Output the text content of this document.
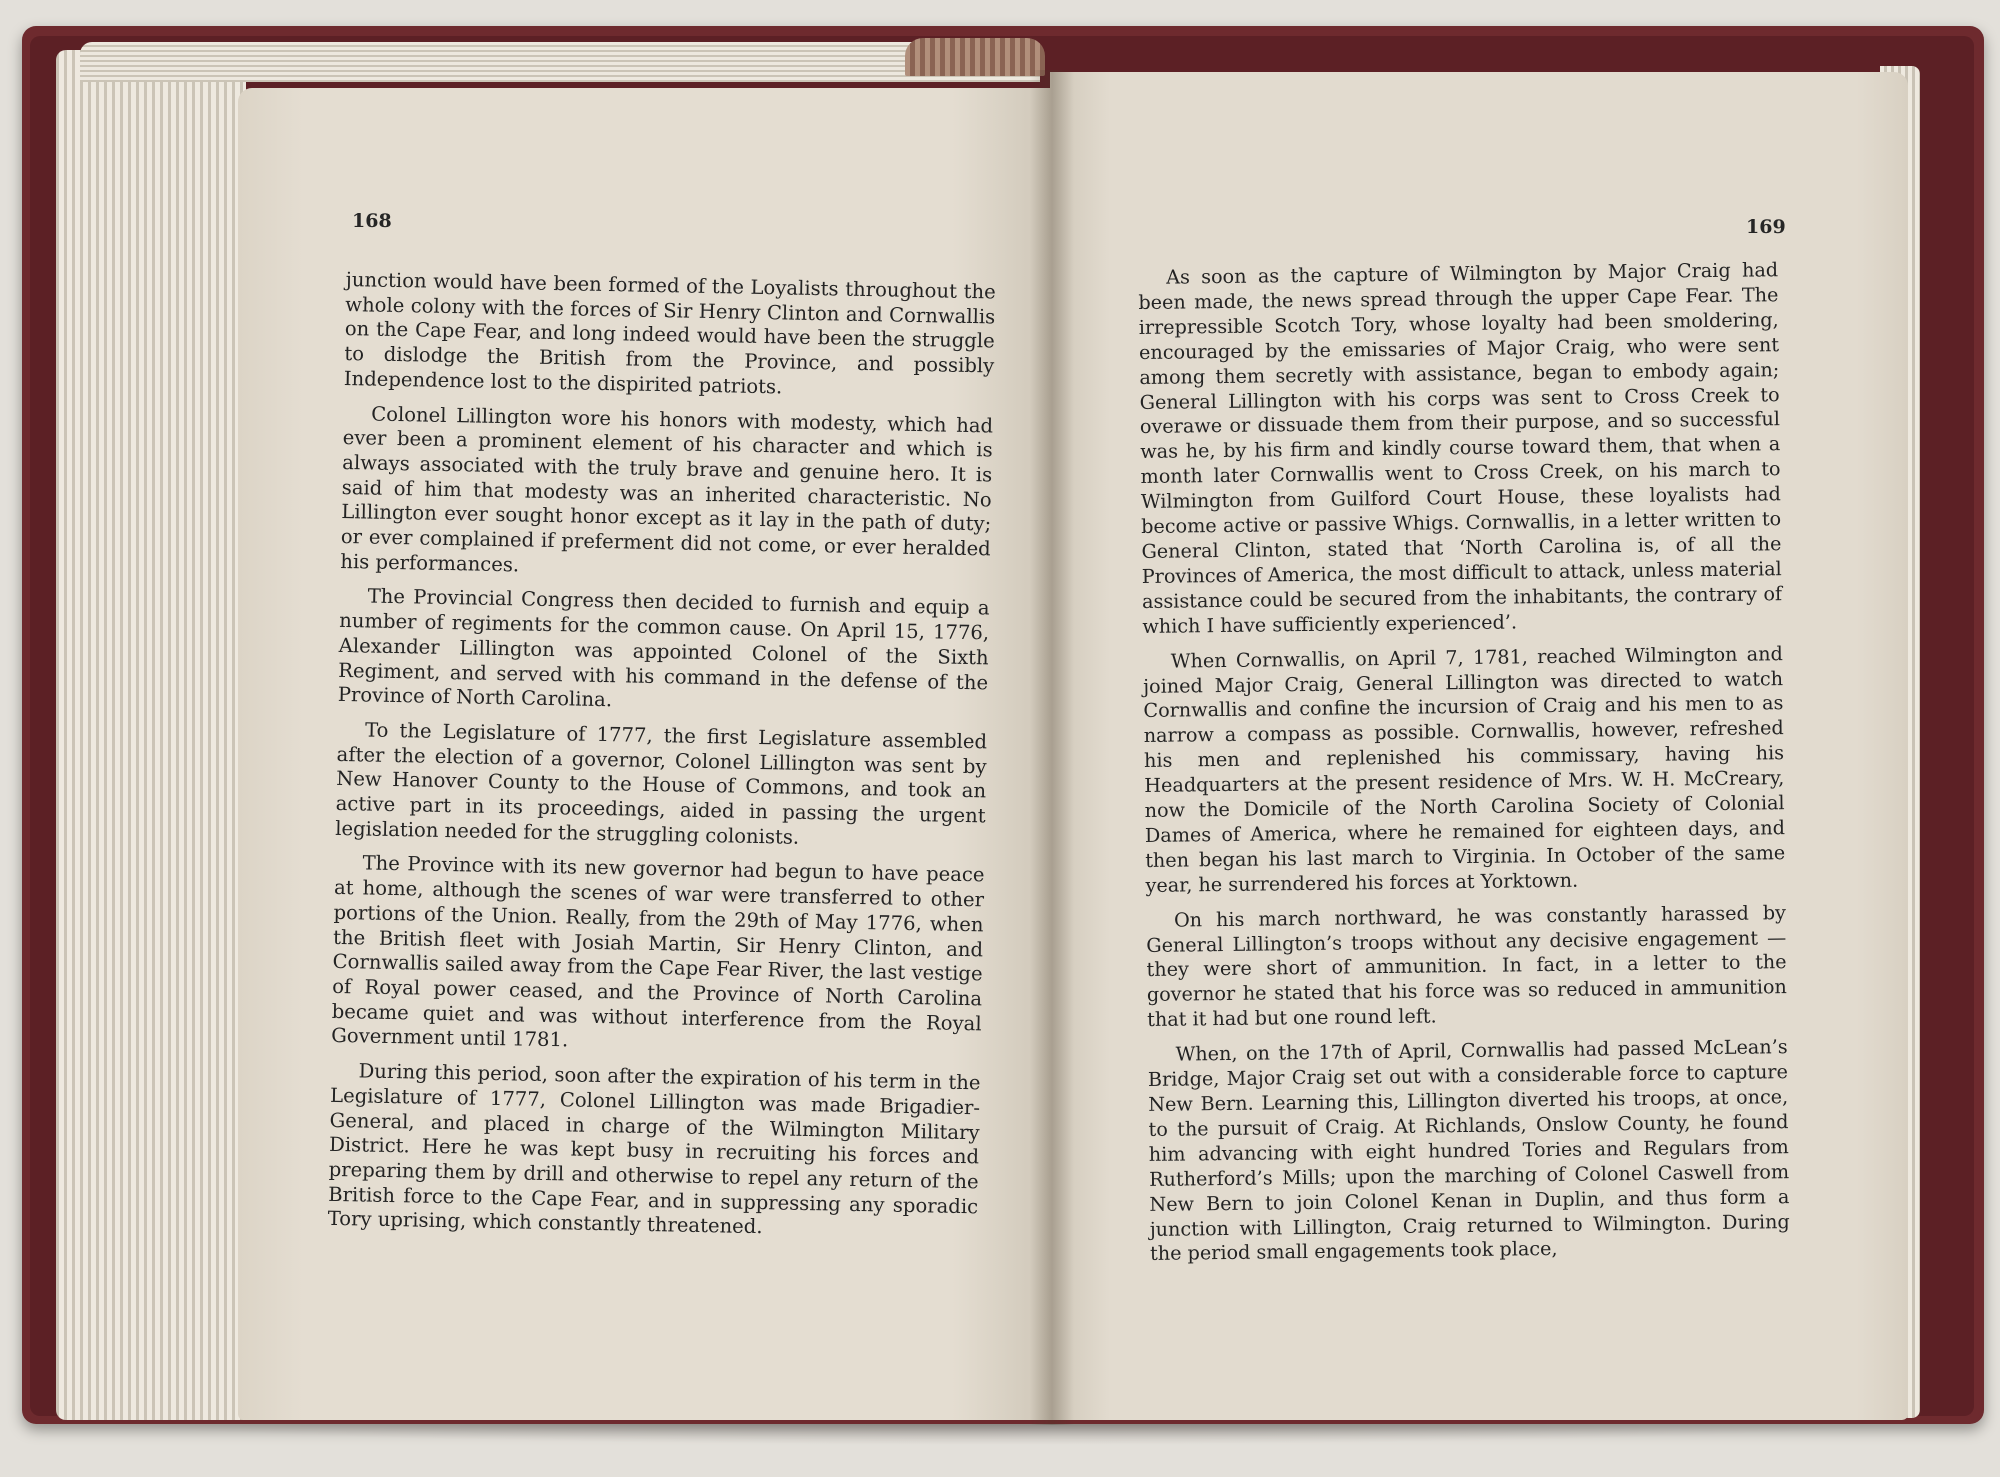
168	169

junction would have been formed of the Loyalists throughout the whole colony with the forces of Sir Henry Clinton and Cornwallis on the Cape Fear, and long indeed would have been the struggle to dislodge the British from the Province, and possibly Independence lost to the dispirited patriots.

Colonel Lillington wore his honors with modesty, which had ever been a prominent element of his character and which is always associated with the truly brave and genuine hero. It is said of him that modesty was an inherited characteristic. No Lillington ever sought honor except as it lay in the path of duty; or ever complained if preferment did not come, or ever heralded his performances.

The Provincial Congress then decided to furnish and equip a number of regiments for the common cause. On April 15, 1776, Alexander Lillington was appointed Colonel of the Sixth Regiment, and served with his command in the defense of the Province of North Carolina.

To the Legislature of 1777, the first Legislature assembled after the election of a governor, Colonel Lillington was sent by New Hanover County to the House of Commons, and took an active part in its proceedings, aided in passing the urgent legislation needed for the struggling colonists.

The Province with its new governor had begun to have peace at home, although the scenes of war were transferred to other portions of the Union. Really, from the 29th of May 1776, when the British fleet with Josiah Martin, Sir Henry Clinton, and Cornwallis sailed away from the Cape Fear River, the last vestige of Royal power ceased, and the Province of North Carolina became quiet and was without interference from the Royal Government until 1781.

During this period, soon after the expiration of his term in the Legislature of 1777, Colonel Lillington was made Brigadier-General, and placed in charge of the Wilmington Military District. Here he was kept busy in recruiting his forces and preparing them by drill and otherwise to repel any return of the British force to the Cape Fear, and in suppressing any sporadic Tory uprising, which constantly threatened.

As soon as the capture of Wilmington by Major Craig had been made, the news spread through the upper Cape Fear. The irrepressible Scotch Tory, whose loyalty had been smoldering, encouraged by the emissaries of Major Craig, who were sent among them secretly with assistance, began to embody again; General Lillington with his corps was sent to Cross Creek to overawe or dissuade them from their purpose, and so successful was he, by his firm and kindly course toward them, that when a month later Cornwallis went to Cross Creek, on his march to Wilmington from Guilford Court House, these loyalists had become active or passive Whigs. Cornwallis, in a letter written to General Clinton, stated that ‘North Carolina is, of all the Provinces of America, the most difficult to attack, unless material assistance could be secured from the inhabitants, the contrary of which I have sufficiently experienced’.

When Cornwallis, on April 7, 1781, reached Wilmington and joined Major Craig, General Lillington was directed to watch Cornwallis and confine the incursion of Craig and his men to as narrow a compass as possible. Cornwallis, however, refreshed his men and replenished his commissary, having his Headquarters at the present residence of Mrs. W. H. McCreary, now the Domicile of the North Carolina Society of Colonial Dames of America, where he remained for eighteen days, and then began his last march to Virginia. In October of the same year, he surrendered his forces at Yorktown.

On his march northward, he was constantly harassed by General Lillington’s troops without any decisive engagement —they were short of ammunition. In fact, in a letter to the governor he stated that his force was so reduced in ammunition that it had but one round left.

When, on the 17th of April, Cornwallis had passed McLean’s Bridge, Major Craig set out with a considerable force to capture New Bern. Learning this, Lillington diverted his troops, at once, to the pursuit of Craig. At Richlands, Onslow County, he found him advancing with eight hundred Tories and Regulars from Rutherford’s Mills; upon the marching of Colonel Caswell from New Bern to join Colonel Kenan in Duplin, and thus form a junction with Lillington, Craig returned to Wilmington. During the period small engagements took place,
